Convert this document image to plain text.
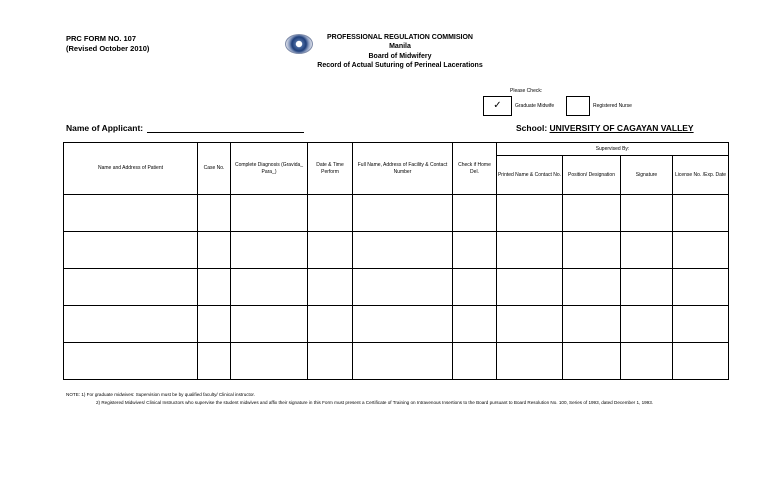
PRC FORM NO. 107
(Revised October 2010)
PROFESSIONAL REGULATION COMMISION
Manila
Board of Midwifery
Record of Actual Suturing of Perineal Lacerations
Please Check:
✓	Graduate Midwife	Registered Nurse
Name of Applicant:	School: UNIVERSITY OF CAGAYAN VALLEY
Name and Address of Patient	Case No.	Complete Diagnosis (Gravida_ Para_)	Date & Time Perform	Full Name, Address of Facility & Contact Number	Check if Home Del.	Supervised By:			
						Printed Name & Contact No.	Position/ Designation	Signature	License No. /Exp. Date

NOTE: 1) For graduate midwives: Supervision must be by qualified faculty/ Clinical instructor.
2) Registered Midwives/ Clinical Instructors who supervise the student midwives and affix their signature in this Form must present a Certificate of Training on Intravenous Insertions to the Board pursuant to Board Resolution No. 100, Series of 1993, dated December 1, 1993.
